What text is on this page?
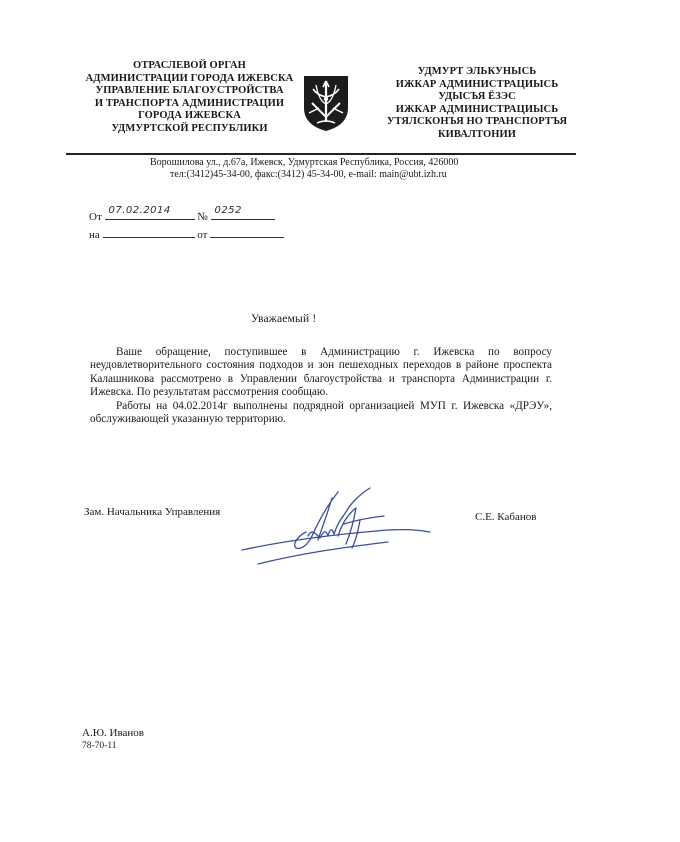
ОТРАСЛЕВОЙ ОРГАН
АДМИНИСТРАЦИИ ГОРОДА ИЖЕВСКА
УПРАВЛЕНИЕ БЛАГОУСТРОЙСТВА
И ТРАНСПОРТА АДМИНИСТРАЦИИ
ГОРОДА ИЖЕВСКА
УДМУРТСКОЙ РЕСПУБЛИКИ
УДМУРТ ЭЛЬКУНЫСЬ
ИЖКАР АДМИНИСТРАЦИЫСЬ
УДЫСЪЯ ЁЗЭС
ИЖКАР АДМИНИСТРАЦИЫСЬ
УТЯЛСКОНЪЯ НО ТРАНСПОРТЪЯ
КИВАЛТОНИИ
Ворошилова ул., д.67а, Ижевск, Удмуртская Республика, Россия, 426000
тел:(3412)45-34-00, факс:(3412) 45-34-00, e-mail: main@ubt.izh.ru
От
07.02.2014
№
0252
на	от
Уважаемый !

Ваше обращение, поступившее в Администрацию г. Ижевска по вопросу неудовлетворительного состояния подходов и зон пешеходных переходов в районе проспекта Калашникова рассмотрено в Управлении благоустройства и транспорта Администрации г. Ижевска. По результатам рассмотрения сообщаю.

Работы на 04.02.2014г выполнены подрядной организацией МУП г. Ижевска «ДРЭУ», обслуживающей указанную территорию.

Зам. Начальника Управления	С.Е. Кабанов
А.Ю. Иванов
78-70-11
